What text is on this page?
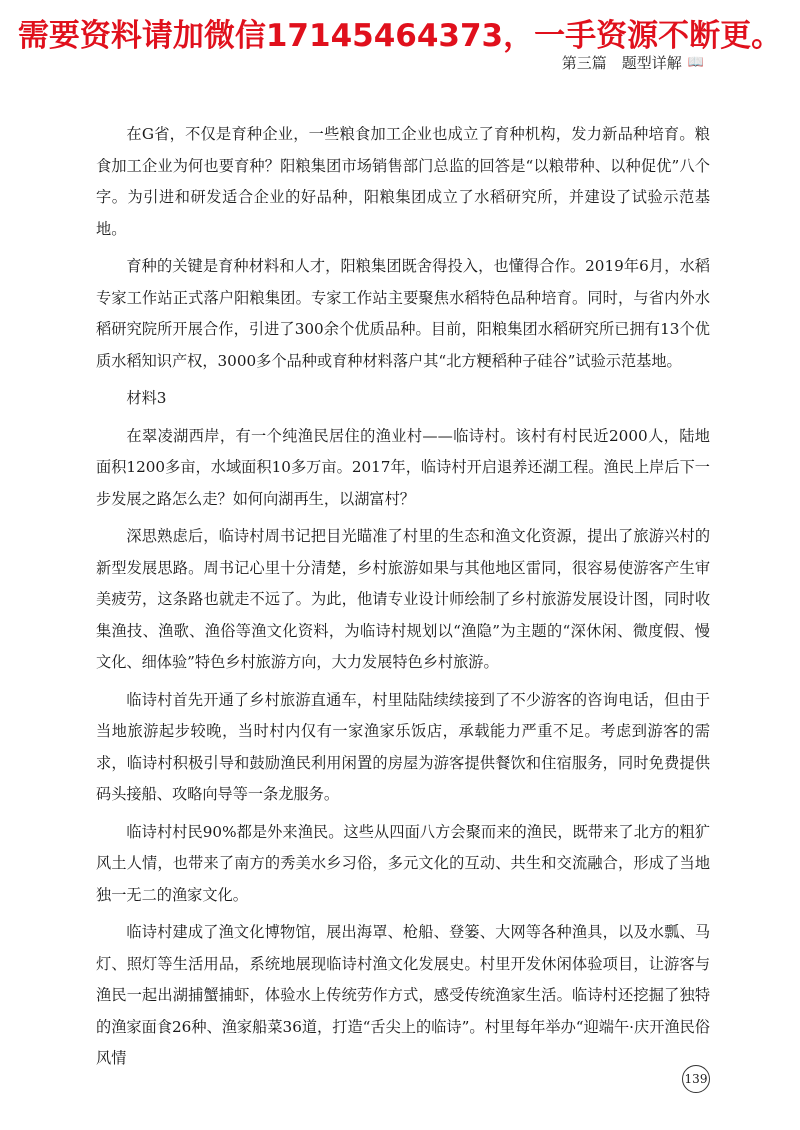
需要资料请加微信17145464373，一手资源不断更。
第三篇　题型详解 📖

在G省，不仅是育种企业，一些粮食加工企业也成立了育种机构，发力新品种培育。粮食加工企业为何也要育种？阳粮集团市场销售部门总监的回答是“以粮带种、以种促优”八个字。为引进和研发适合企业的好品种，阳粮集团成立了水稻研究所，并建设了试验示范基地。

育种的关键是育种材料和人才，阳粮集团既舍得投入，也懂得合作。2019年6月，水稻专家工作站正式落户阳粮集团。专家工作站主要聚焦水稻特色品种培育。同时，与省内外水稻研究院所开展合作，引进了300余个优质品种。目前，阳粮集团水稻研究所已拥有13个优质水稻知识产权，3000多个品种或育种材料落户其“北方粳稻种子硅谷”试验示范基地。

材料3

在翠凌湖西岸，有一个纯渔民居住的渔业村——临诗村。该村有村民近2000人，陆地面积1200多亩，水域面积10多万亩。2017年，临诗村开启退养还湖工程。渔民上岸后下一步发展之路怎么走？如何向湖再生，以湖富村？

深思熟虑后，临诗村周书记把目光瞄准了村里的生态和渔文化资源，提出了旅游兴村的新型发展思路。周书记心里十分清楚，乡村旅游如果与其他地区雷同，很容易使游客产生审美疲劳，这条路也就走不远了。为此，他请专业设计师绘制了乡村旅游发展设计图，同时收集渔技、渔歌、渔俗等渔文化资料，为临诗村规划以“渔隐”为主题的“深休闲、微度假、慢文化、细体验”特色乡村旅游方向，大力发展特色乡村旅游。

临诗村首先开通了乡村旅游直通车，村里陆陆续续接到了不少游客的咨询电话，但由于当地旅游起步较晚，当时村内仅有一家渔家乐饭店，承载能力严重不足。考虑到游客的需求，临诗村积极引导和鼓励渔民利用闲置的房屋为游客提供餐饮和住宿服务，同时免费提供码头接船、攻略向导等一条龙服务。

临诗村村民90%都是外来渔民。这些从四面八方会聚而来的渔民，既带来了北方的粗犷风土人情，也带来了南方的秀美水乡习俗，多元文化的互动、共生和交流融合，形成了当地独一无二的渔家文化。

临诗村建成了渔文化博物馆，展出海罩、枪船、登篓、大网等各种渔具，以及水瓢、马灯、照灯等生活用品，系统地展现临诗村渔文化发展史。村里开发休闲体验项目，让游客与渔民一起出湖捕蟹捕虾，体验水上传统劳作方式，感受传统渔家生活。临诗村还挖掘了独特的渔家面食26种、渔家船菜36道，打造“舌尖上的临诗”。村里每年举办“迎端午·庆开渔民俗风情

139
